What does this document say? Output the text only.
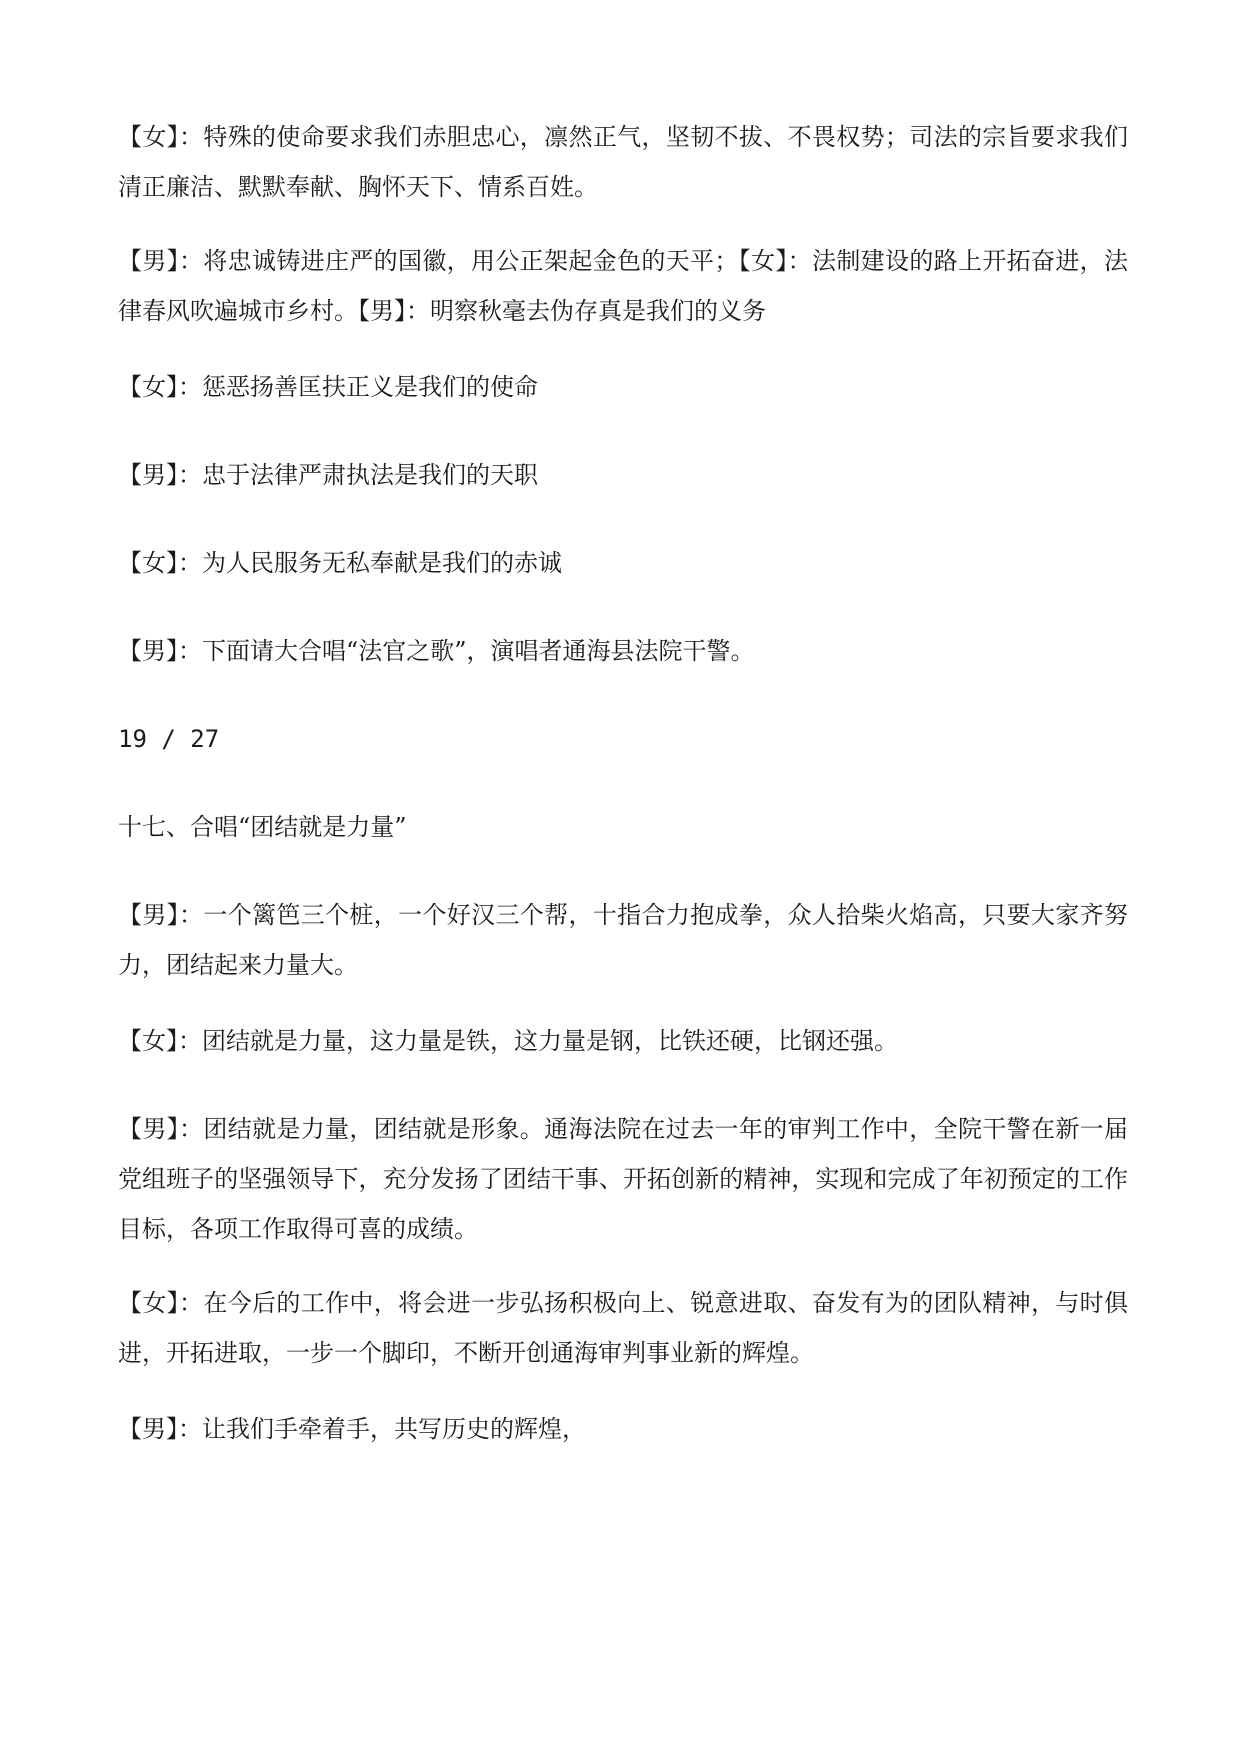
【女】：特殊的使命要求我们赤胆忠心，凛然正气，坚韧不拔、不畏权势；司法的宗旨要求我们清正廉洁、默默奉献、胸怀天下、情系百姓。

【男】：将忠诚铸进庄严的国徽，用公正架起金色的天平；【女】：法制建设的路上开拓奋进，法律春风吹遍城市乡村。【男】：明察秋毫去伪存真是我们的义务

【女】：惩恶扬善匡扶正义是我们的使命

【男】：忠于法律严肃执法是我们的天职

【女】：为人民服务无私奉献是我们的赤诚

【男】：下面请大合唱“法官之歌”，演唱者通海县法院干警。

19 / 27

十七、合唱“团结就是力量”

【男】：一个篱笆三个桩，一个好汉三个帮，十指合力抱成拳，众人拾柴火焰高，只要大家齐努力，团结起来力量大。

【女】：团结就是力量，这力量是铁，这力量是钢，比铁还硬，比钢还强。

【男】：团结就是力量，团结就是形象。通海法院在过去一年的审判工作中，全院干警在新一届党组班子的坚强领导下，充分发扬了团结干事、开拓创新的精神，实现和完成了年初预定的工作目标，各项工作取得可喜的成绩。

【女】：在今后的工作中，将会进一步弘扬积极向上、锐意进取、奋发有为的团队精神，与时俱进，开拓进取，一步一个脚印，不断开创通海审判事业新的辉煌。

【男】：让我们手牵着手，共写历史的辉煌，
